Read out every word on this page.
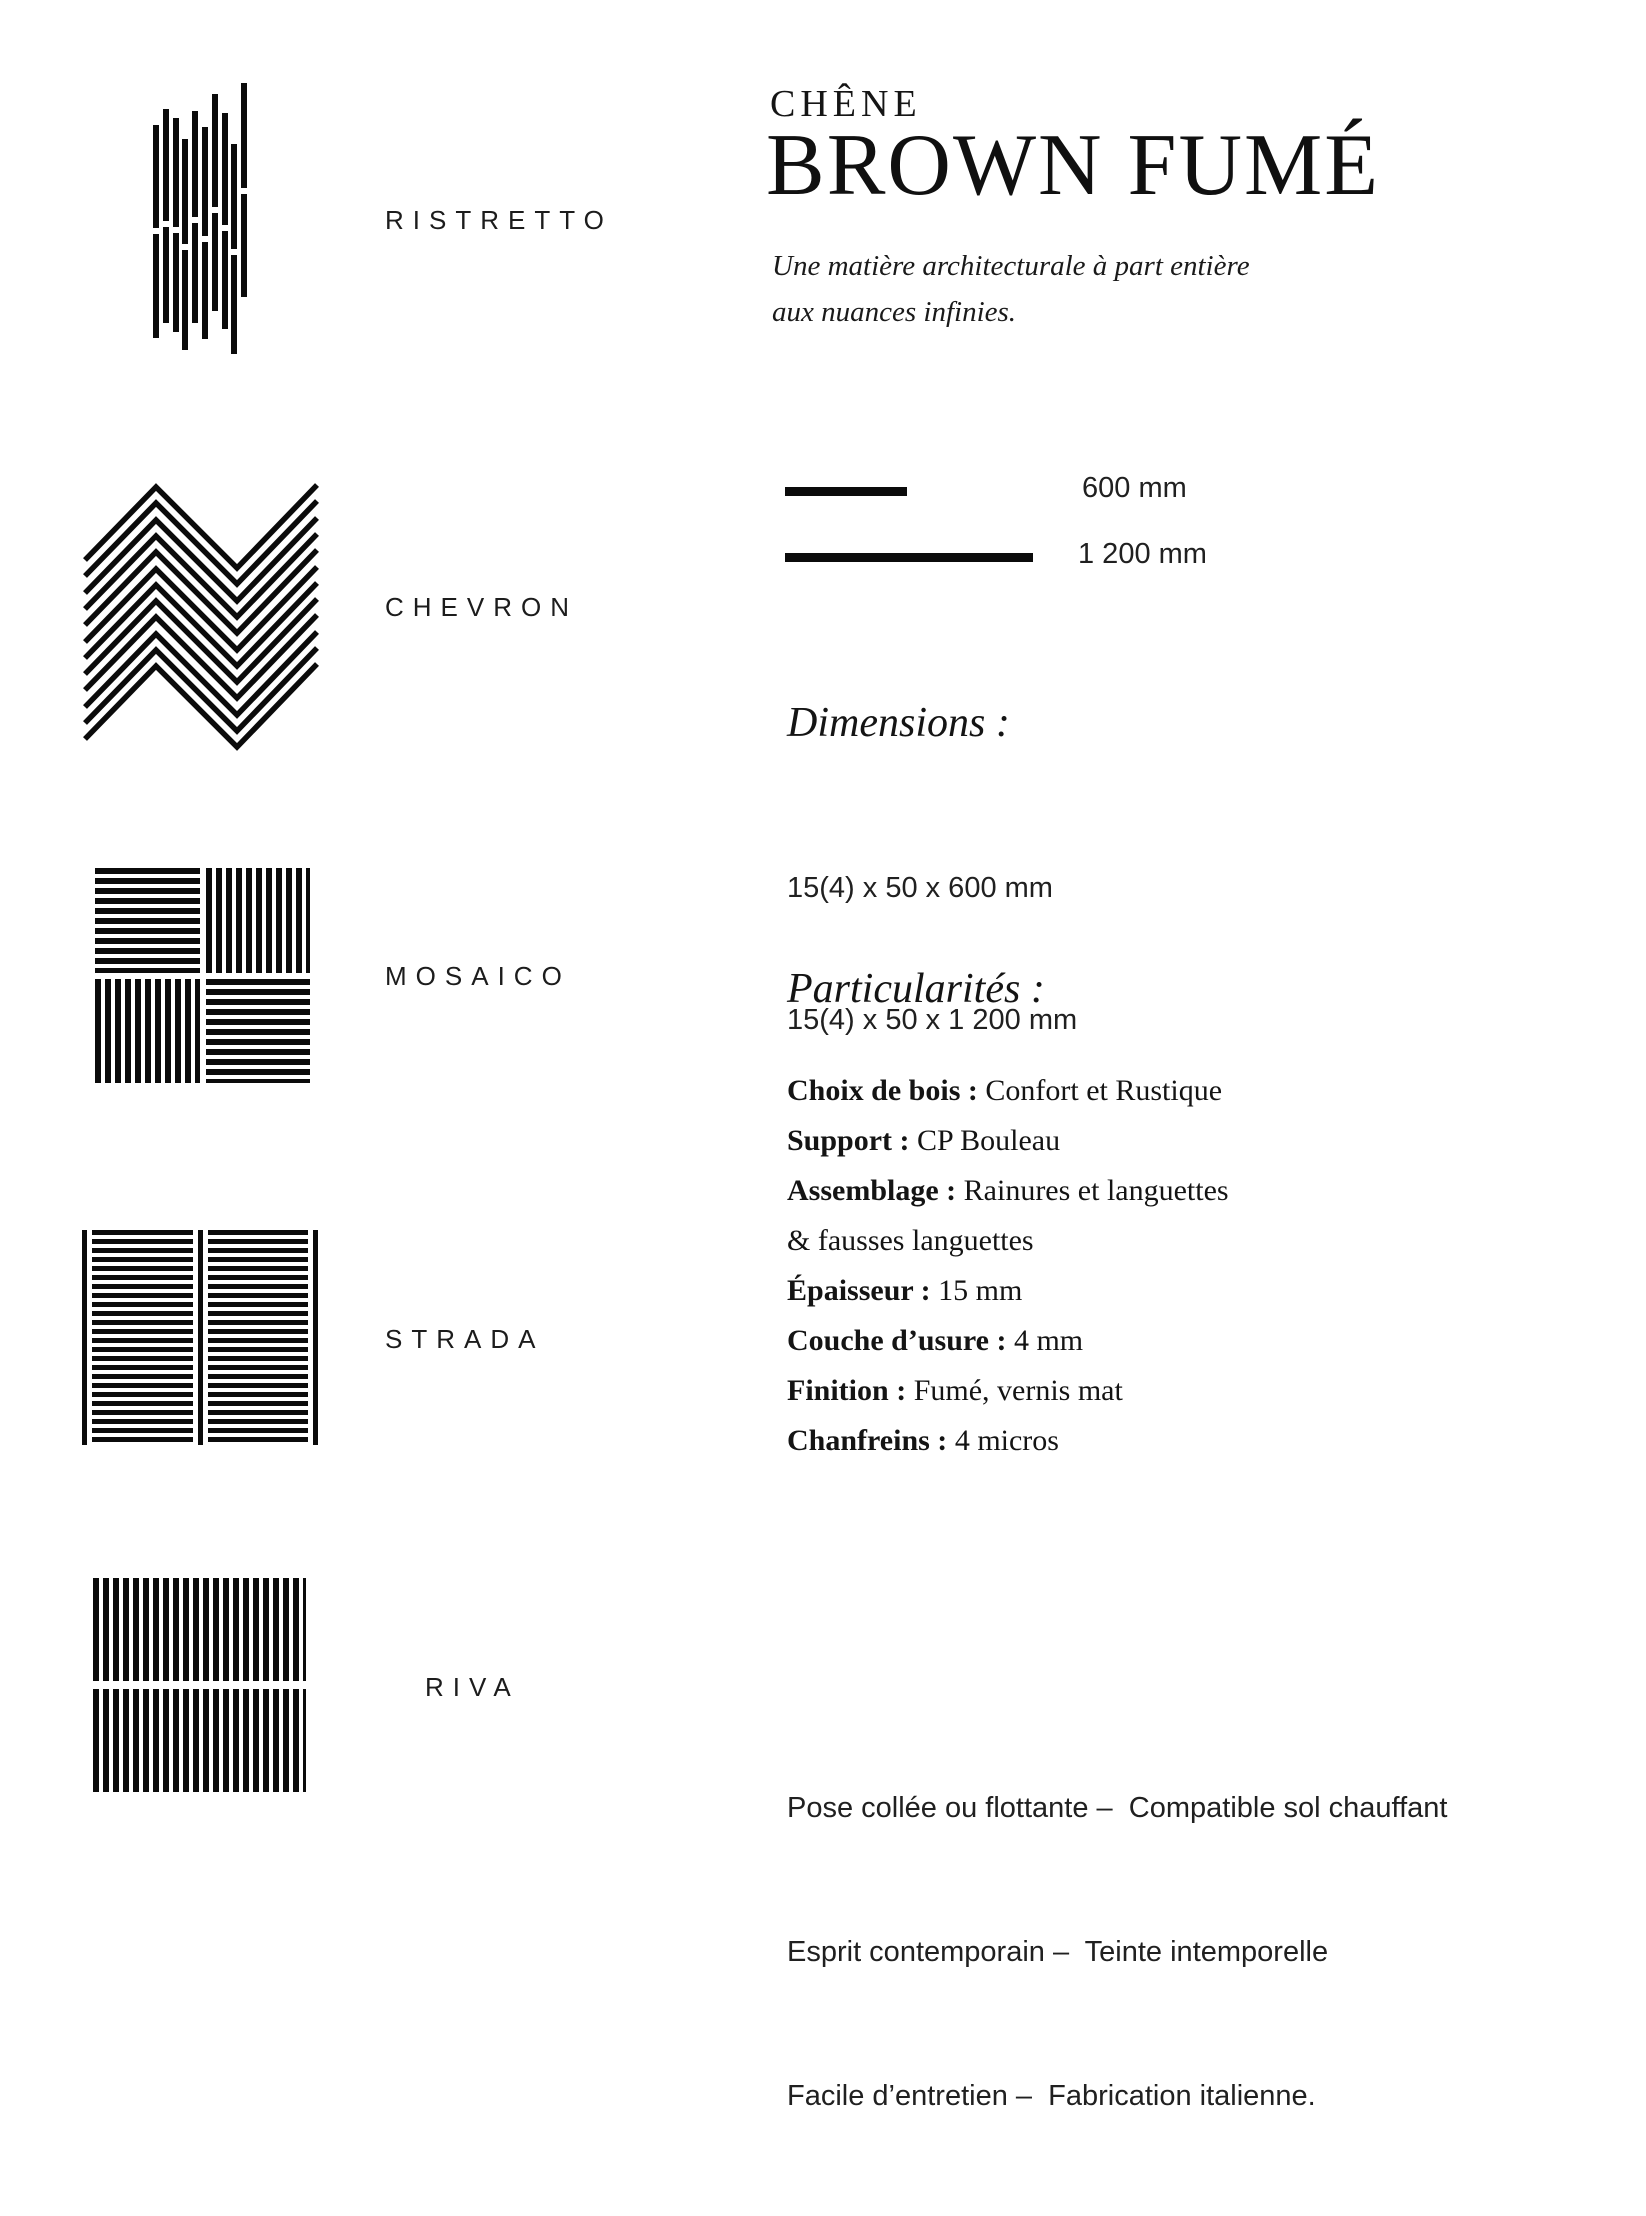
RISTRETTO
CHEVRON
MOSAICO
STRADA
RIVA
CHÊNE
BROWN FUMÉ
Une matière architecturale à part entière
aux nuances infinies.
600 mm
1 200 mm
Dimensions :

15(4) x 50 x 600 mm

15(4) x 50 x 1 200 mm

Particularités :
Choix de bois : Confort et Rustique
Support : CP Bouleau
Assemblage : Rainures et languettes
& fausses languettes
Épaisseur : 15 mm
Couche d’usure : 4 mm
Finition : Fumé, vernis mat
Chanfreins : 4 micros

Pose collée ou flottante –  Compatible sol chauffant

Esprit contemporain –  Teinte intemporelle

Facile d’entretien –  Fabrication italienne.
